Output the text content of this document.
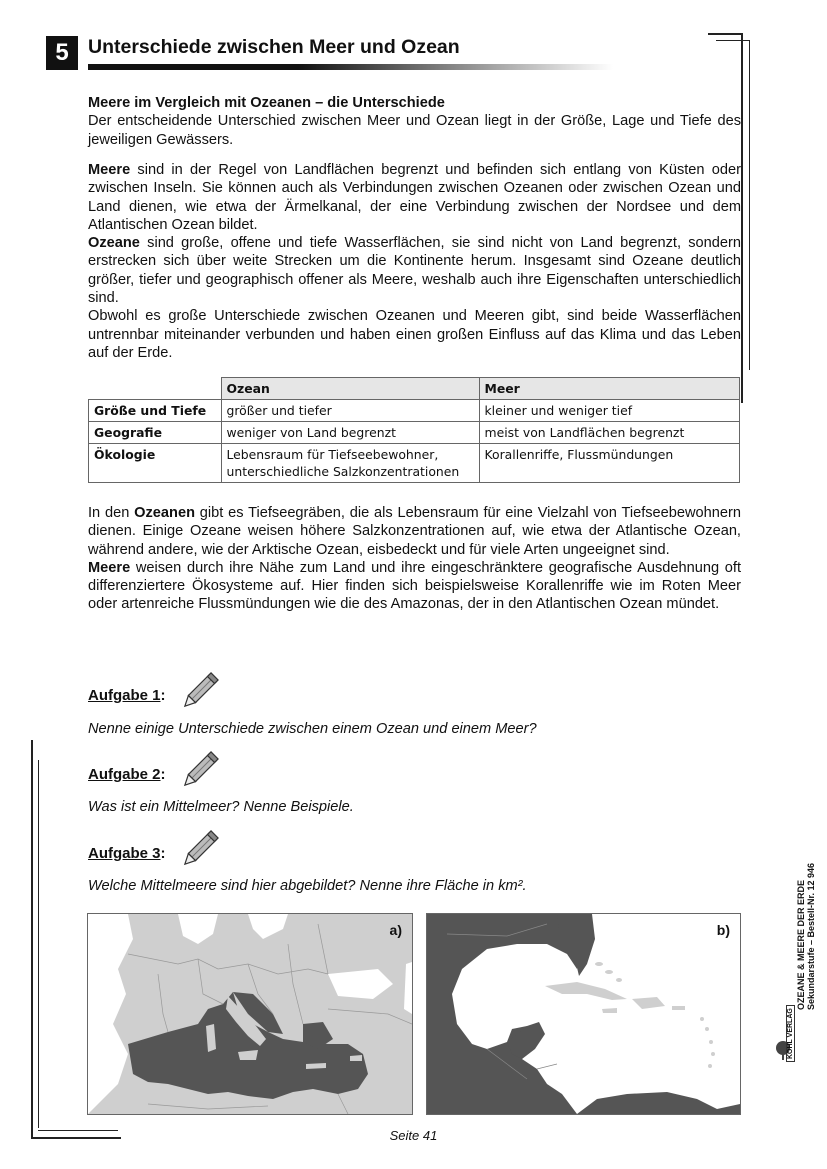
5 Unterschiede zwischen Meer und Ozean

Meere im Vergleich mit Ozeanen – die Unterschiede
Der entscheidende Unterschied zwischen Meer und Ozean liegt in der Größe, Lage und Tiefe des jeweiligen Gewässers.

Meere sind in der Regel von Landflächen begrenzt und befinden sich entlang von Küsten oder zwischen Inseln. Sie können auch als Verbindungen zwischen Ozeanen oder zwischen Ozean und Land dienen, wie etwa der Ärmelkanal, der eine Verbindung zwischen der Nordsee und dem Atlantischen Ozean bildet.
Ozeane sind große, offene und tiefe Wasserflächen, sie sind nicht von Land begrenzt, sondern erstrecken sich über weite Strecken um die Kontinente herum. Insgesamt sind Ozeane deutlich größer, tiefer und geographisch offener als Meere, weshalb auch ihre Eigenschaften unterschiedlich sind.
Obwohl es große Unterschiede zwischen Ozeanen und Meeren gibt, sind beide Wasserflächen untrennbar miteinander verbunden und haben einen großen Einfluss auf das Klima und das Leben auf der Erde.

	Ozean	Meer
Größe und Tiefe	größer und tiefer	kleiner und weniger tief
Geografie	weniger von Land begrenzt	meist von Landflächen begrenzt
Ökologie	Lebensraum für Tiefseebewohner, unterschiedliche Salzkonzentrationen	Korallenriffe, Flussmündungen

In den Ozeanen gibt es Tiefseegräben, die als Lebensraum für eine Vielzahl von Tiefseebewohnern dienen. Einige Ozeane weisen höhere Salzkonzentrationen auf, wie etwa der Atlantische Ozean, während andere, wie der Arktische Ozean, eisbedeckt und für viele Arten ungeeignet sind.
Meere weisen durch ihre Nähe zum Land und ihre eingeschränktere geografische Ausdehnung oft differenziertere Ökosysteme auf. Hier finden sich beispielsweise Korallenriffe wie im Roten Meer oder artenreiche Flussmündungen wie die des Amazonas, der in den Atlantischen Ozean mündet.

Aufgabe 1:
Nenne einige Unterschiede zwischen einem Ozean und einem Meer?
Aufgabe 2:
Was ist ein Mittelmeer? Nenne Beispiele.
Aufgabe 3:
Welche Mittelmeere sind hier abgebildet? Nenne ihre Fläche in km².
a)	b)	OZEANE & MEERE DER ERDE Sekundarstufe – Bestell-Nr. 12 946
KOHL VERLAG
Seite 41
